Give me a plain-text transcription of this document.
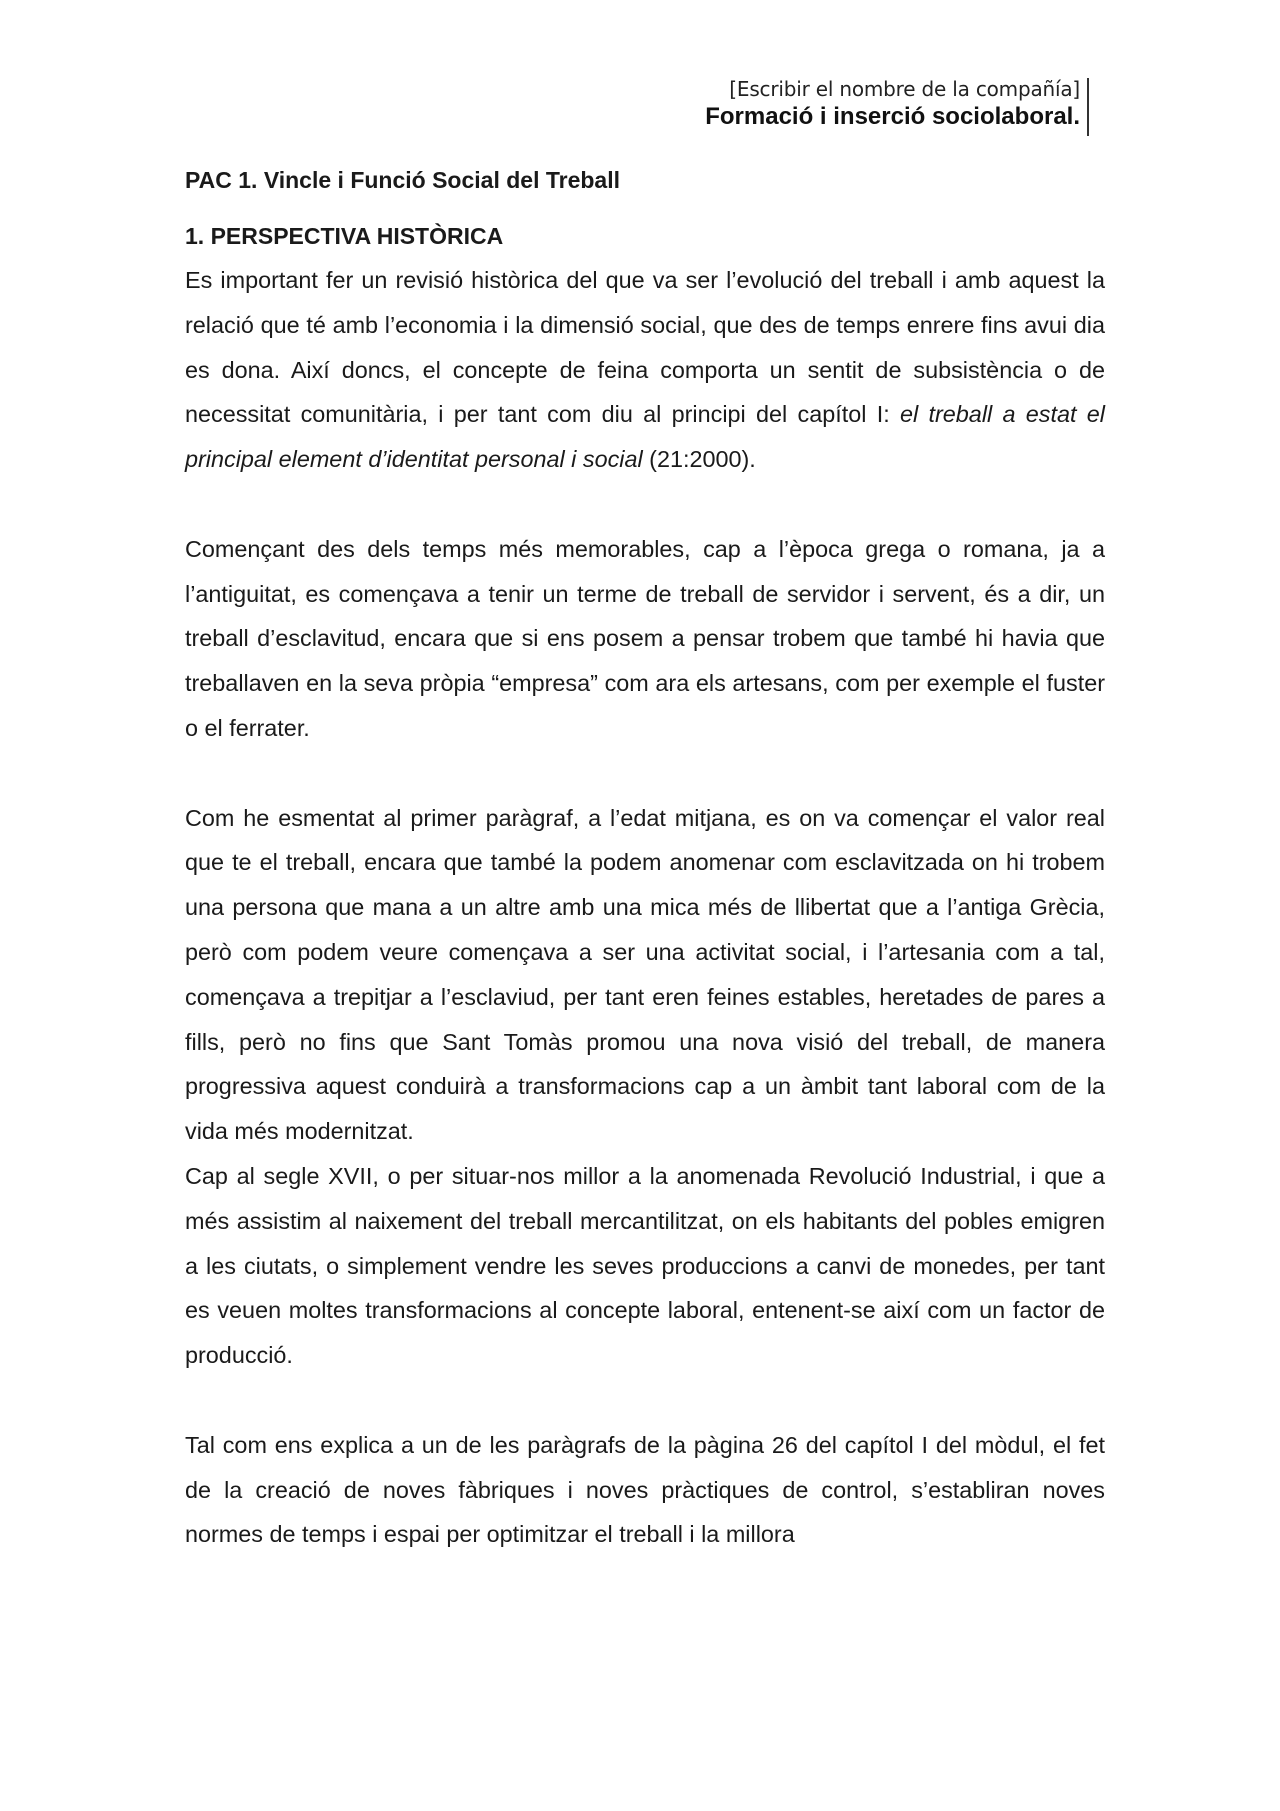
[Escribir el nombre de la compañía]
Formació i inserció sociolaboral.
PAC 1. Vincle i Funció Social del Treball
1. PERSPECTIVA HISTÒRICA

Es important fer un revisió històrica del que va ser l’evolució del treball i amb aquest la relació que té amb l’economia i la dimensió social, que des de temps enrere fins avui dia es dona. Així doncs, el concepte de feina comporta un sentit de subsistència o de necessitat comunitària, i per tant com diu al principi del capítol I: el treball a estat el principal element d’identitat personal i social (21:2000).

Començant des dels temps més memorables, cap a l’època grega o romana, ja a l’antiguitat, es començava a tenir un terme de treball de servidor i servent, és a dir, un treball d’esclavitud, encara que si ens posem a pensar trobem que també hi havia que treballaven en la seva pròpia “empresa” com ara els artesans, com per exemple el fuster o el ferrater.

Com he esmentat al primer paràgraf, a l’edat mitjana, es on va començar el valor real que te el treball, encara que també la podem anomenar com esclavitzada on hi trobem una persona que mana a un altre amb una mica més de llibertat que a l’antiga Grècia, però com podem veure començava a ser una activitat social, i l’artesania com a tal, començava a trepitjar a l’esclaviud, per tant eren feines estables, heretades de pares a fills, però no fins que Sant Tomàs promou una nova visió del treball, de manera progressiva aquest conduirà a transformacions cap a un àmbit tant laboral com de la vida més modernitzat.

Cap al segle XVII, o per situar-nos millor a la anomenada Revolució Industrial, i que a més assistim al naixement del treball mercantilitzat, on els habitants del pobles emigren a les ciutats, o simplement vendre les seves produccions a canvi de monedes, per tant es veuen moltes transformacions al concepte laboral, entenent-se així com un factor de producció.

Tal com ens explica a un de les paràgrafs de la pàgina 26 del capítol I del mòdul, el fet de la creació de noves fàbriques i noves pràctiques de control, s’establiran noves normes de temps i espai per optimitzar el treball i la millora
